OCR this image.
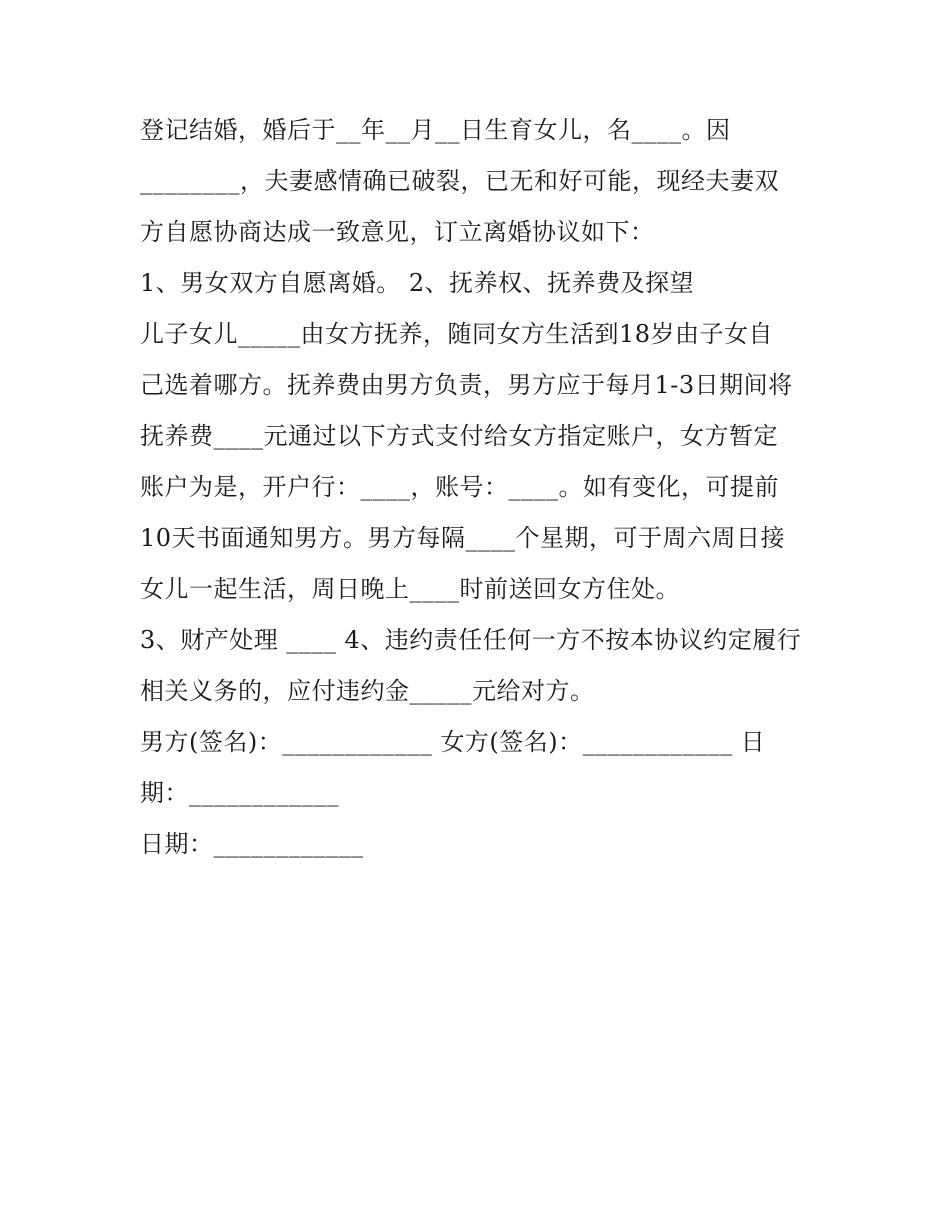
登记结婚，婚后于__年__月__日生育女儿，名____。因
________，夫妻感情确已破裂，已无和好可能，现经夫妻双
方自愿协商达成一致意见，订立离婚协议如下：
1、男女双方自愿离婚。 2、抚养权、抚养费及探望
儿子女儿_____由女方抚养，随同女方生活到18岁由子女自
己选着哪方。抚养费由男方负责，男方应于每月1-3日期间将
抚养费____元通过以下方式支付给女方指定账户，女方暂定
账户为是，开户行：____，账号：____。如有变化，可提前
10天书面通知男方。男方每隔____个星期，可于周六周日接
女儿一起生活，周日晚上____时前送回女方住处。
3、财产处理 ____ 4、违约责任任何一方不按本协议约定履行
相关义务的，应付违约金_____元给对方。
男方(签名)：____________ 女方(签名)：____________ 日
期：____________
日期：____________
